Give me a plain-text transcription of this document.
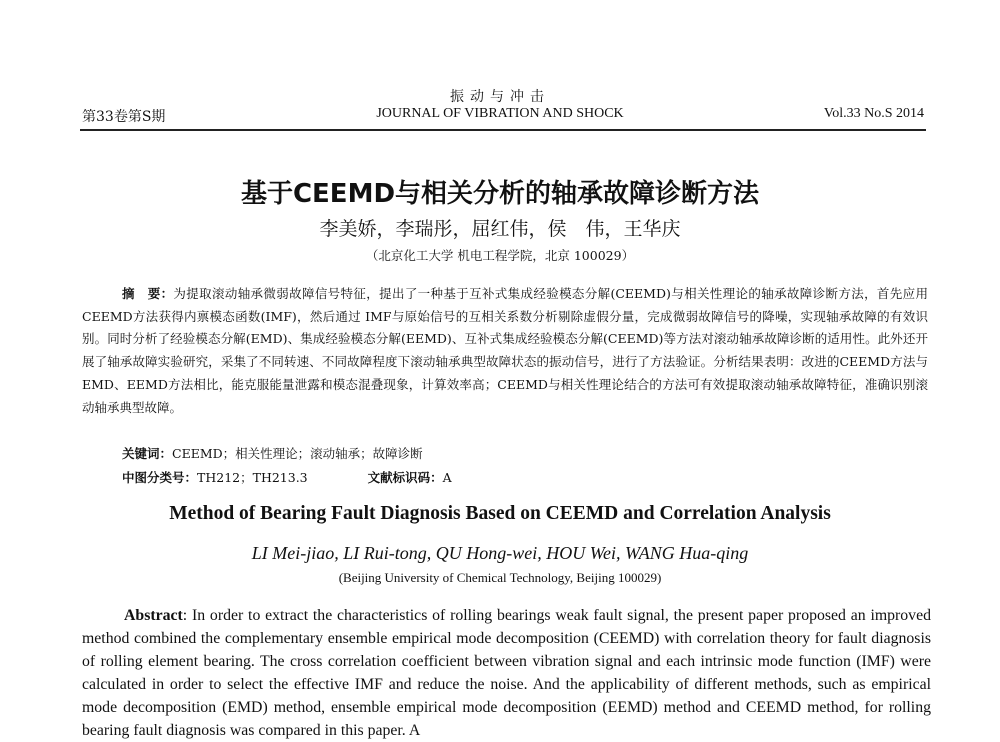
振动与冲击
第33卷第S期	JOURNAL OF VIBRATION AND SHOCK	Vol.33 No.S 2014
基于CEEMD与相关分析的轴承故障诊断方法
李美娇，李瑞彤，屈红伟，侯　伟，王华庆
（北京化工大学 机电工程学院，北京 100029）
摘　要：为提取滚动轴承微弱故障信号特征，提出了一种基于互补式集成经验模态分解(CEEMD)与相关性理论的轴承故障诊断方法，首先应用CEEMD方法获得内禀模态函数(IMF)，然后通过 IMF与原始信号的互相关系数分析剔除虚假分量，完成微弱故障信号的降噪，实现轴承故障的有效识别。同时分析了经验模态分解(EMD)、集成经验模态分解(EEMD)、互补式集成经验模态分解(CEEMD)等方法对滚动轴承故障诊断的适用性。此外还开展了轴承故障实验研究，采集了不同转速、不同故障程度下滚动轴承典型故障状态的振动信号，进行了方法验证。分析结果表明：改进的CEEMD方法与EMD、EEMD方法相比，能克服能量泄露和模态混叠现象，计算效率高；CEEMD与相关性理论结合的方法可有效提取滚动轴承故障特征，准确识别滚动轴承典型故障。
关键词：CEEMD；相关性理论；滚动轴承；故障诊断
中图分类号：TH212；TH213.3	文献标识码：A
Method of Bearing Fault Diagnosis Based on CEEMD and Correlation Analysis
LI Mei-jiao, LI Rui-tong, QU Hong-wei, HOU Wei, WANG Hua-qing
(Beijing University of Chemical Technology, Beijing 100029)
Abstract: In order to extract the characteristics of rolling bearings weak fault signal, the present paper proposed an improved method combined the complementary ensemble empirical mode decomposition (CEEMD) with correlation theory for fault diagnosis of rolling element bearing. The cross correlation coefficient between vibration signal and each intrinsic mode function (IMF) were calculated in order to select the effective IMF and reduce the noise. And the applicability of different methods, such as empirical mode decomposition (EMD) method, ensemble empirical mode decomposition (EEMD) method and CEEMD method, for rolling bearing fault diagnosis was compared in this paper. A
